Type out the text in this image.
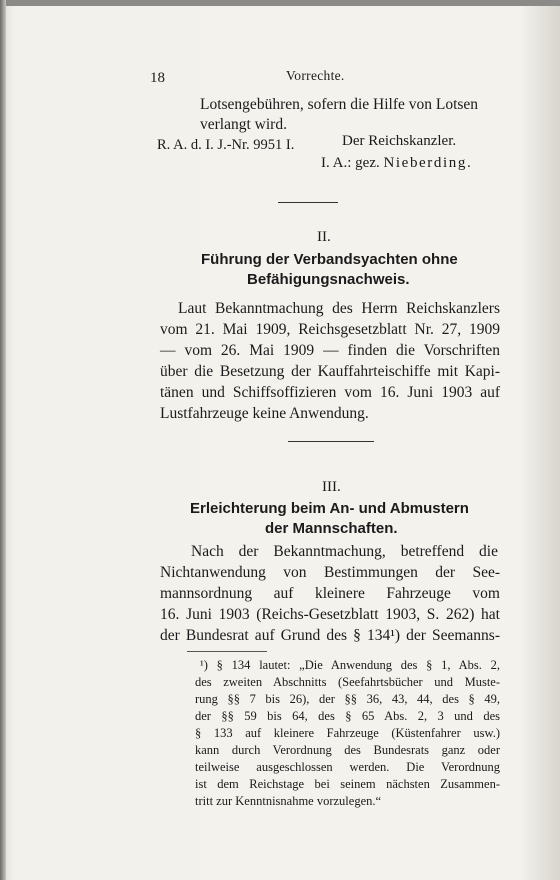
18	Vorrechte.
Lotsengebühren, sofern die Hilfe von Lotsen
verlangt wird.
R. A. d. I. J.-Nr. 9951 I.	Der Reichskanzler.
I. A.: gez. Nieberding.
II.
Führung der Verbandsyachten ohne
Befähigungsnachweis.
Laut Bekanntmachung des Herrn Reichskanzlers
vom 21. Mai 1909, Reichsgesetzblatt Nr. 27, 1909
— vom 26. Mai 1909 — finden die Vorschriften
über die Besetzung der Kauffahrteischiffe mit Kapi-
tänen und Schiffsoffizieren vom 16. Juni 1903 auf
Lustfahrzeuge keine Anwendung.
III.
Erleichterung beim An- und Abmustern
der Mannschaften.
Nach der Bekanntmachung, betreffend die
Nichtanwendung von Bestimmungen der See-
mannsordnung auf kleinere Fahrzeuge vom
16. Juni 1903 (Reichs-Gesetzblatt 1903, S. 262) hat
der Bundesrat auf Grund des § 134¹) der Seemanns-
¹) § 134 lautet: „Die Anwendung des § 1, Abs. 2,
des zweiten Abschnitts (Seefahrtsbücher und Muste-
rung §§ 7 bis 26), der §§ 36, 43, 44, des § 49,
der §§ 59 bis 64, des § 65 Abs. 2, 3 und des
§ 133 auf kleinere Fahrzeuge (Küstenfahrer usw.)
kann durch Verordnung des Bundesrats ganz oder
teilweise ausgeschlossen werden. Die Verordnung
ist dem Reichstage bei seinem nächsten Zusammen-
tritt zur Kenntnisnahme vorzulegen.“
